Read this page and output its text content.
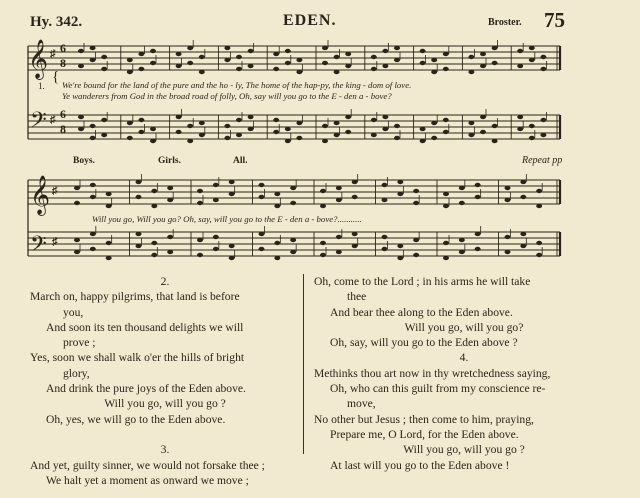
Hy. 342.	EDEN.	Broster. 75
𝄞
𝄢
𝄞
𝄢
♯ 6
8
♯ 6
8
♯
♯
1.
{ We're bound for the land of the pure and the ho - ly, The home of the hap-py, the king - dom of love.
Ye wanderers from God in the broad road of folly, Oh, say will you go to the E - den a - bove?
Boys.	Girls.	All.	Repeat pp
Will you go, Will you go? Oh, say, will you go to the E - den a - bove?...........
2.
March on, happy pilgrims, that land is before
you,
And soon its ten thousand delights we will
prove ;
Yes, soon we shall walk o'er the hills of bright
glory,
And drink the pure joys of the Eden above.
Will you go, will you go ?
Oh, yes, we will go to the Eden above.

3.
And yet, guilty sinner, we would not forsake thee ;
We halt yet a moment as onward we move ;
Oh, come to the Lord ; in his arms he will take
thee
And bear thee along to the Eden above.
Will you go, will you go?
Oh, say, will you go to the Eden above ?
4.
Methinks thou art now in thy wretchedness saying,
Oh, who can this guilt from my conscience re-
move,
No other but Jesus ; then come to him, praying,
Prepare me, O Lord, for the Eden above.
Will you go, will you go ?
At last will you go to the Eden above !
